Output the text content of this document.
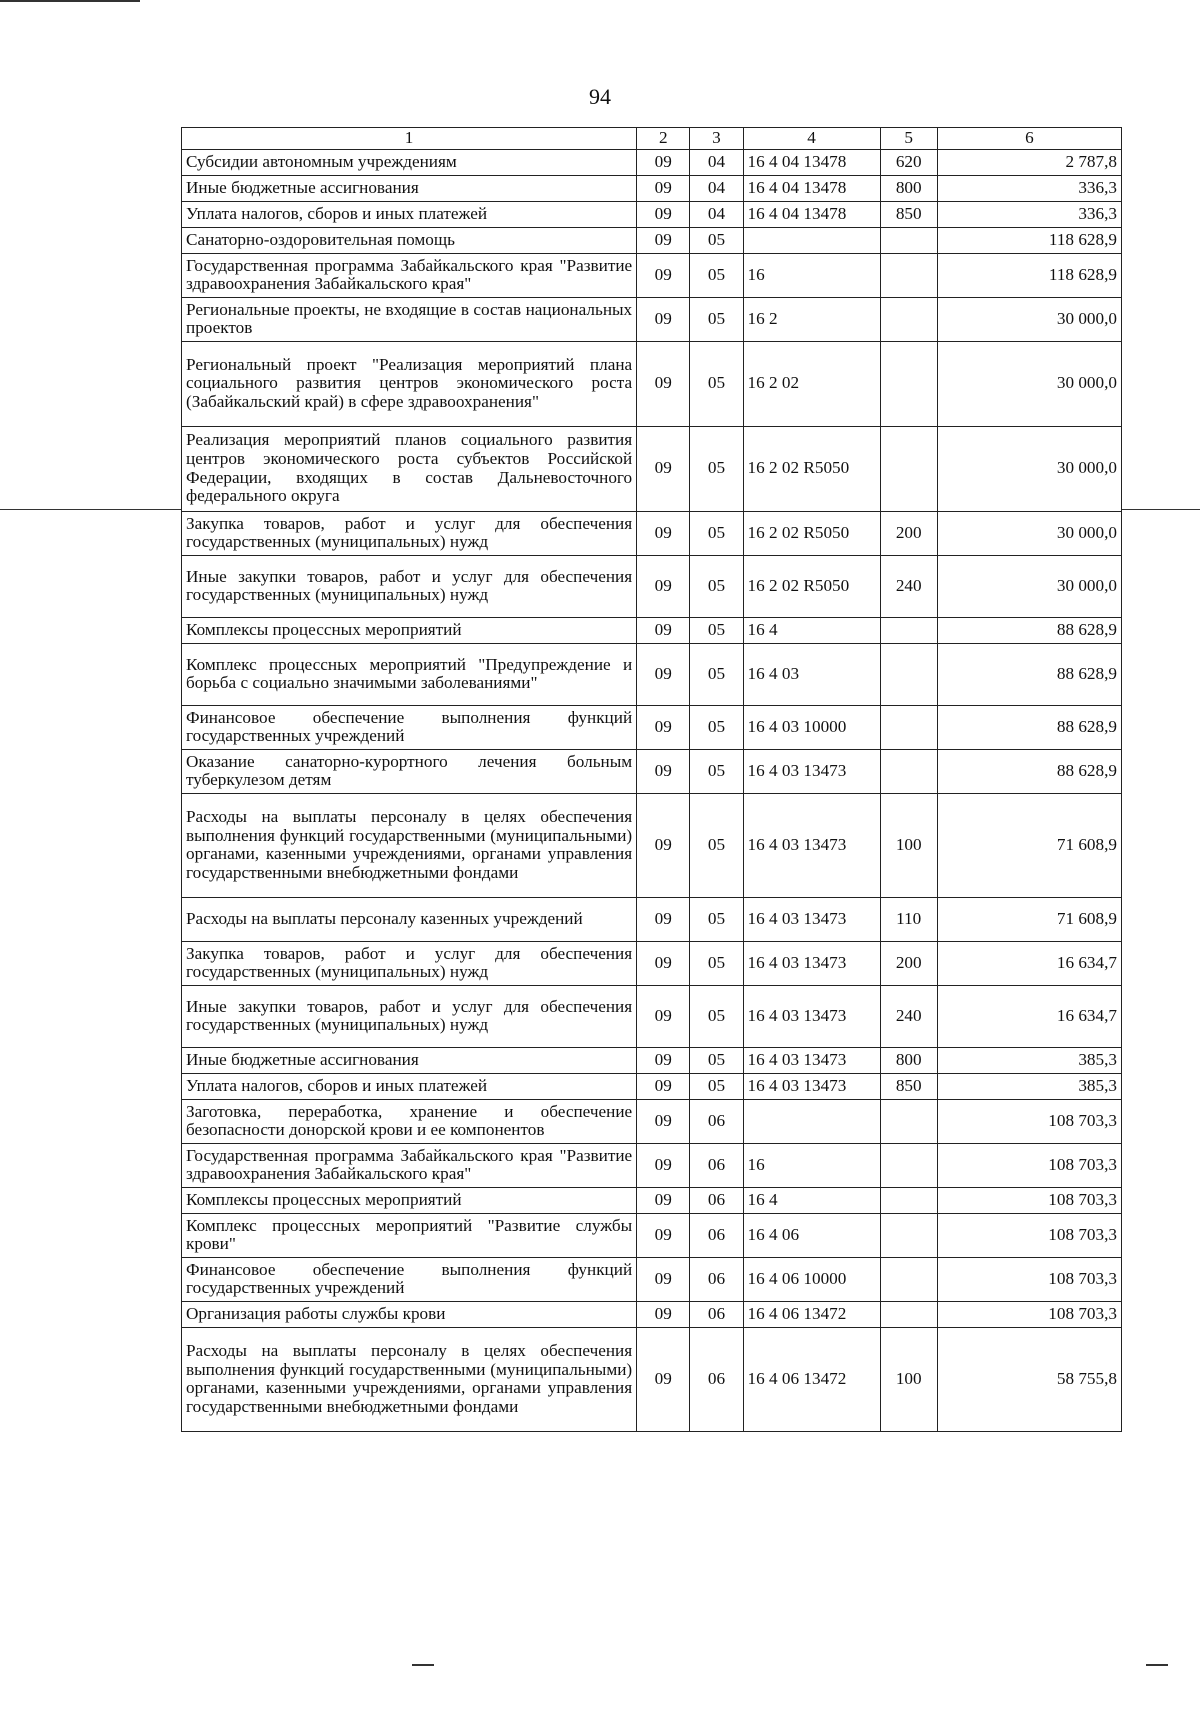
94
1	2	3	4	5	6
Субсидии автономным учреждениям	09	04	16 4 04 13478	620	2 787,8
Иные бюджетные ассигнования	09	04	16 4 04 13478	800	336,3
Уплата налогов, сборов и иных платежей	09	04	16 4 04 13478	850	336,3
Санаторно-оздоровительная помощь	09	05			118 628,9
Государственная программа Забайкальского края "Развитие здравоохранения Забайкальского края"	09	05	16		118 628,9
Региональные проекты, не входящие в состав национальных проектов	09	05	16 2		30 000,0
Региональный проект "Реализация мероприятий плана социального развития центров экономического роста (Забайкальский край) в сфере здравоохранения"	09	05	16 2 02		30 000,0
Реализация мероприятий планов социального развития центров экономического роста субъектов Российской Федерации, входящих в состав Дальневосточного федерального округа	09	05	16 2 02 R5050		30 000,0
Закупка товаров, работ и услуг для обеспечения государственных (муниципальных) нужд	09	05	16 2 02 R5050	200	30 000,0
Иные закупки товаров, работ и услуг для обеспечения государственных (муниципальных) нужд	09	05	16 2 02 R5050	240	30 000,0
Комплексы процессных мероприятий	09	05	16 4		88 628,9
Комплекс процессных мероприятий "Предупреждение и борьба с социально значимыми заболеваниями"	09	05	16 4 03		88 628,9
Финансовое обеспечение выполнения функций государственных учреждений	09	05	16 4 03 10000		88 628,9
Оказание санаторно-курортного лечения больным туберкулезом детям	09	05	16 4 03 13473		88 628,9
Расходы на выплаты персоналу в целях обеспечения выполнения функций государственными (муниципальными) органами, казенными учреждениями, органами управления государственными внебюджетными фондами	09	05	16 4 03 13473	100	71 608,9
Расходы на выплаты персоналу казенных учреждений	09	05	16 4 03 13473	110	71 608,9
Закупка товаров, работ и услуг для обеспечения государственных (муниципальных) нужд	09	05	16 4 03 13473	200	16 634,7
Иные закупки товаров, работ и услуг для обеспечения государственных (муниципальных) нужд	09	05	16 4 03 13473	240	16 634,7
Иные бюджетные ассигнования	09	05	16 4 03 13473	800	385,3
Уплата налогов, сборов и иных платежей	09	05	16 4 03 13473	850	385,3
Заготовка, переработка, хранение и обеспечение безопасности донорской крови и ее компонентов	09	06			108 703,3
Государственная программа Забайкальского края "Развитие здравоохранения Забайкальского края"	09	06	16		108 703,3
Комплексы процессных мероприятий	09	06	16 4		108 703,3
Комплекс процессных мероприятий "Развитие службы крови"	09	06	16 4 06		108 703,3
Финансовое обеспечение выполнения функций государственных учреждений	09	06	16 4 06 10000		108 703,3
Организация работы службы крови	09	06	16 4 06 13472		108 703,3
Расходы на выплаты персоналу в целях обеспечения выполнения функций государственными (муниципальными) органами, казенными учреждениями, органами управления государственными внебюджетными фондами	09	06	16 4 06 13472	100	58 755,8
